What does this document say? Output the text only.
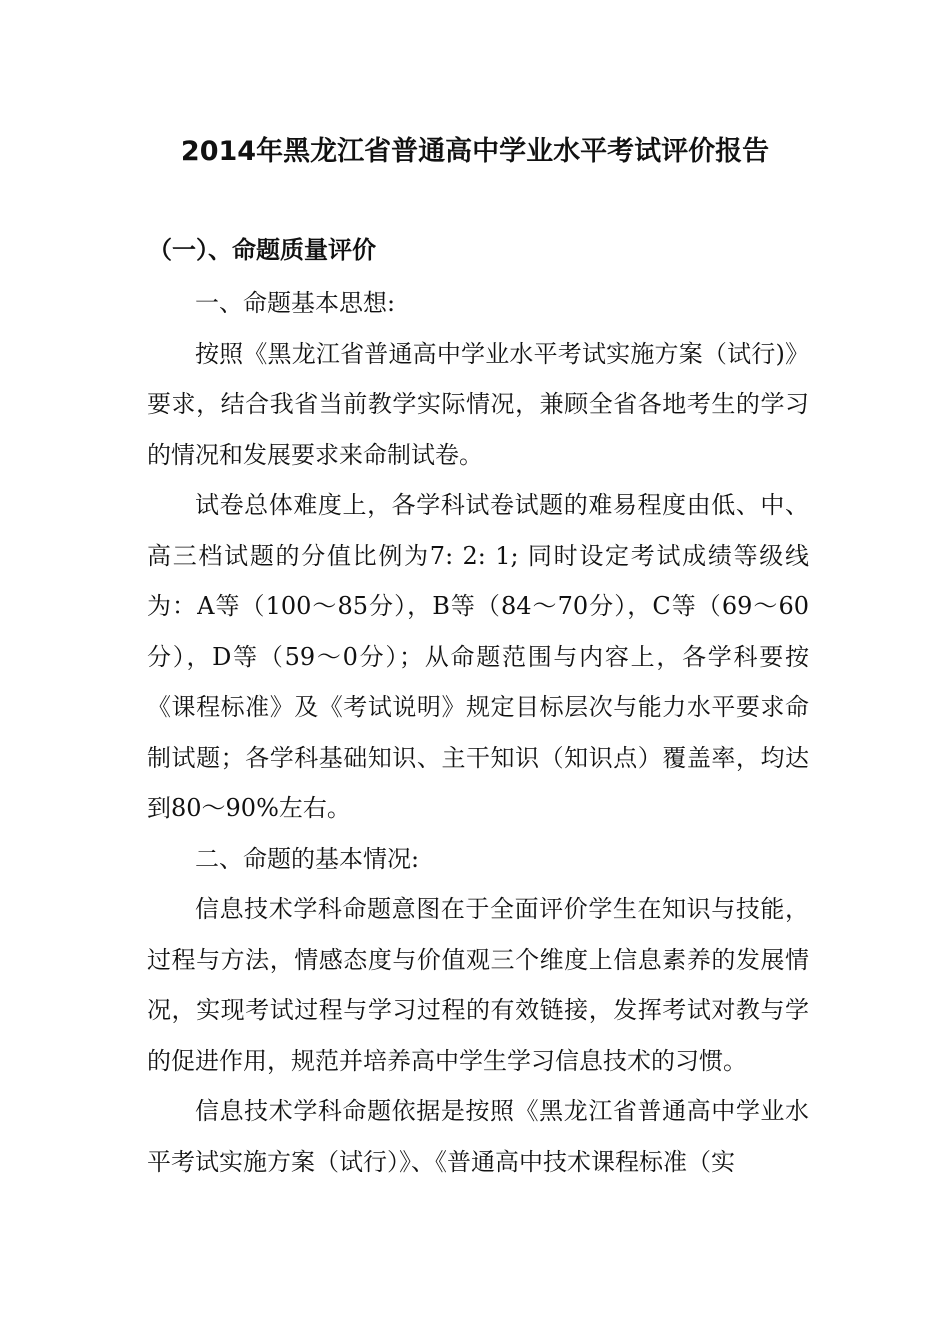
2014年黑龙江省普通高中学业水平考试评价报告
（一）、命题质量评价

一、命题基本思想:

按照《黑龙江省普通高中学业水平考试实施方案（试行)》要求，结合我省当前教学实际情况，兼顾全省各地考生的学习的情况和发展要求来命制试卷。

试卷总体难度上，各学科试卷试题的难易程度由低、中、高三档试题的分值比例为7: 2: 1; 同时设定考试成绩等级线为：A等（100～85分），B等（84～70分），C等（69～60分），D等（59～0分）；从命题范围与内容上，各学科要按《课程标准》及《考试说明》规定目标层次与能力水平要求命制试题；各学科基础知识、主干知识（知识点）覆盖率，均达到80～90%左右。

二、命题的基本情况:

信息技术学科命题意图在于全面评价学生在知识与技能，过程与方法，情感态度与价值观三个维度上信息素养的发展情况，实现考试过程与学习过程的有效链接，发挥考试对教与学的促进作用，规范并培养高中学生学习信息技术的习惯。

信息技术学科命题依据是按照《黑龙江省普通高中学业水平考试实施方案（试行）》、《普通高中技术课程标准（实
